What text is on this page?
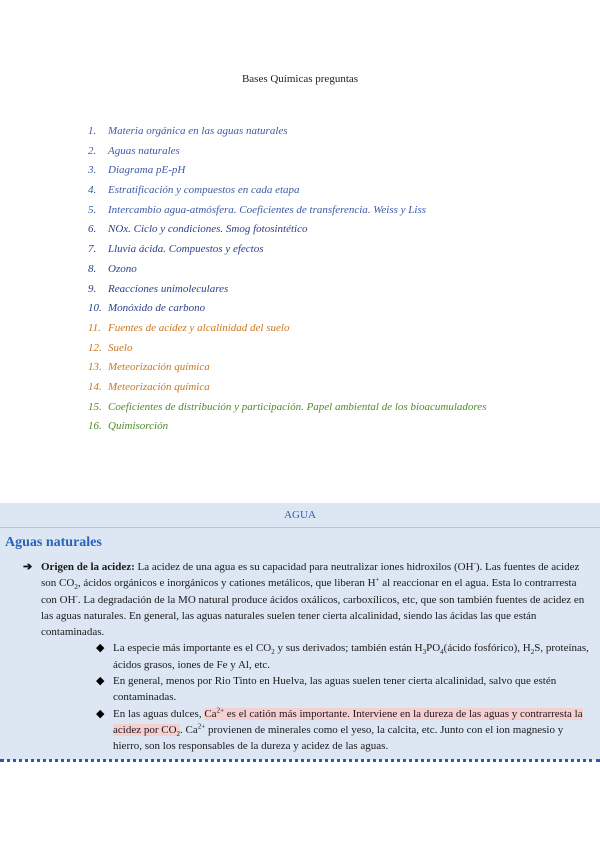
Bases Químicas preguntas
1. Materia orgánica en las aguas naturales
2. Aguas naturales
3. Diagrama pE-pH
4. Estratificación y compuestos en cada etapa
5. Intercambio agua-atmósfera. Coeficientes de transferencia. Weiss y Liss
6. NOx. Ciclo y condiciones. Smog fotosintético
7. Lluvia ácida. Compuestos y efectos
8. Ozono
9. Reacciones unimoleculares
10. Monóxido de carbono
11. Fuentes de acidez y alcalinidad del suelo
12. Suelo
13. Meteorización química
14. Meteorización química
15. Coeficientes de distribución y participación. Papel ambiental de los bioacumuladores
16. Quimisorción
AGUA
Aguas naturales
➔ Origen de la acidez: La acidez de una agua es su capacidad para neutralizar iones hidroxilos (OH-). Las fuentes de acidez son $CO_2$, ácidos orgánicos e inorgánicos y cationes metálicos, que liberan H+ al reaccionar en el agua. Esta lo contrarresta con OH-. La degradación de la MO natural produce ácidos oxálicos, carboxílicos, etc, que son también fuentes de acidez en las aguas naturales. En general, las aguas naturales suelen tener cierta alcalinidad, siendo las ácidas las que están contaminadas.
◆ La especie más importante es el $CO_2$ y sus derivados; también están $H_3PO_4(ácido$ fosfórico), $H_2S$, proteínas, ácidos grasos, iones de Fe y Al, etc.
◆ En general, menos por Rio Tinto en Huelva, las aguas suelen tener cierta alcalinidad, salvo que estén contaminadas.
◆ En las aguas dulces, $Ca^{2+}$ es el catión más importante. Interviene en la dureza de las aguas y contrarresta la acidez por $CO_2$. $Ca^{2+}$ provienen de minerales como el yeso, la calcita, etc. Junto con el ion magnesio y hierro, son los responsables de la dureza y acidez de las aguas.
